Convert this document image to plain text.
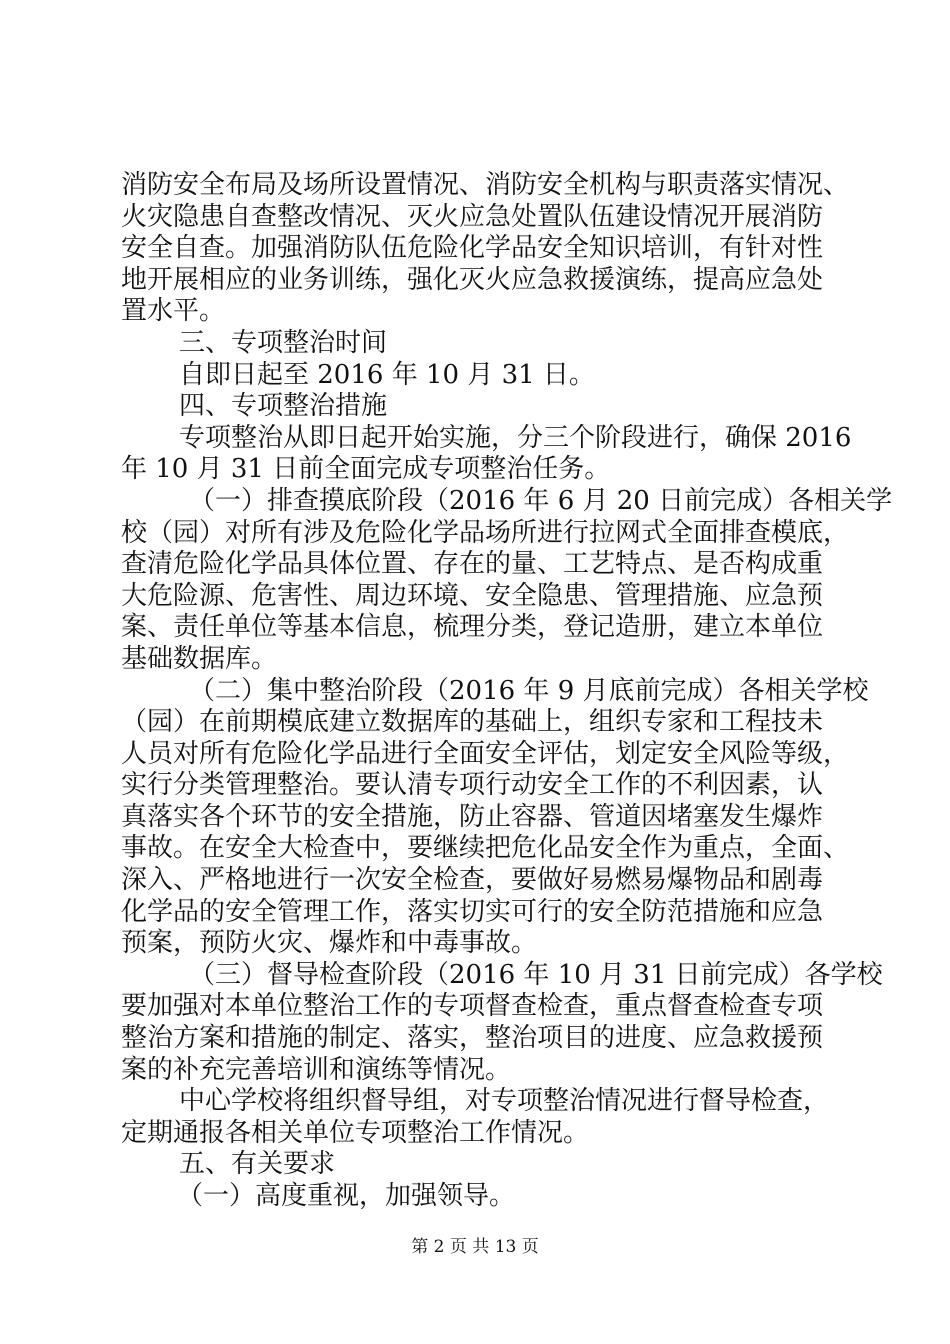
消防安全布局及场所设置情况、消防安全机构与职责落实情况、
火灾隐患自查整改情况、灭火应急处置队伍建设情况开展消防
安全自查。加强消防队伍危险化学品安全知识培训，有针对性
地开展相应的业务训练，强化灭火应急救援演练，提高应急处
置水平。
三、专项整治时间
自即日起至 2016 年 10 月 31 日。
四、专项整治措施
专项整治从即日起开始实施，分三个阶段进行，确保 2016
年 10 月 31 日前全面完成专项整治任务。
（一）排查摸底阶段（2016 年 6 月 20 日前完成）各相关学
校（园）对所有涉及危险化学品场所进行拉网式全面排查模底，
查清危险化学品具体位置、存在的量、工艺特点、是否构成重
大危险源、危害性、周边环境、安全隐患、管理措施、应急预
案、责任单位等基本信息，梳理分类，登记造册，建立本单位
基础数据库。
（二）集中整治阶段（2016 年 9 月底前完成）各相关学校
（园）在前期模底建立数据库的基础上，组织专家和工程技未
人员对所有危险化学品进行全面安全评估，划定安全风险等级，
实行分类管理整治。要认清专项行动安全工作的不利因素，认
真落实各个环节的安全措施，防止容器、管道因堵塞发生爆炸
事故。在安全大检查中，要继续把危化品安全作为重点，全面、
深入、严格地进行一次安全检查，要做好易燃易爆物品和剧毒
化学品的安全管理工作，落实切实可行的安全防范措施和应急
预案，预防火灾、爆炸和中毒事故。
（三）督导检查阶段（2016 年 10 月 31 日前完成）各学校
要加强对本单位整治工作的专项督查检查，重点督查检查专项
整治方案和措施的制定、落实，整治项目的进度、应急救援预
案的补充完善培训和演练等情况。
中心学校将组织督导组，对专项整治情况进行督导检查，
定期通报各相关单位专项整治工作情况。
五、有关要求
（一）高度重视，加强领导。
第 2 页 共 13 页
